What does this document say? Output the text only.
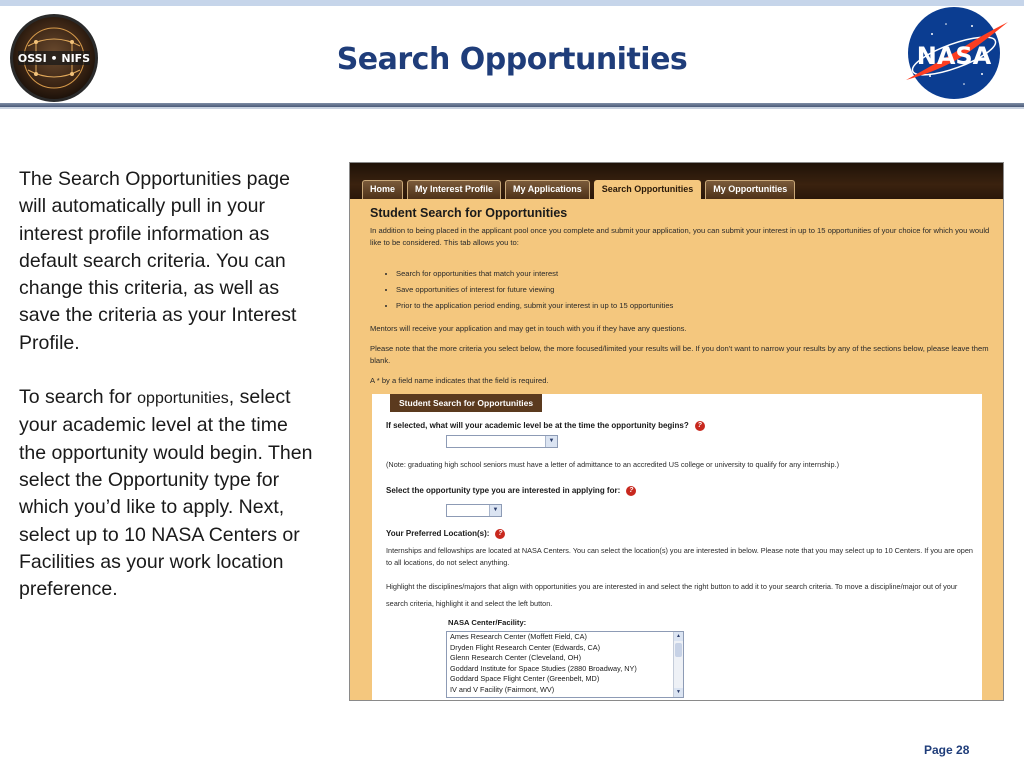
OSSI • NIFS	Search Opportunities	NASA

The Search Opportunities page will automatically pull in your interest profile information as default search criteria. You can change this criteria, as well as save the criteria as your Interest Profile.

To search for opportunities, select your academic level at the time the opportunity would begin. Then select the Opportunity type for which you’d like to apply. Next, select up to 10 NASA Centers or Facilities as your work location preference.

Home	My Interest Profile	My Applications	Search Opportunities	My Opportunities
Student Search for Opportunities
In addition to being placed in the applicant pool once you complete and submit your application, you can submit your interest in up to 15 opportunities of your choice for which you would like to be considered. This tab allows you to:
• Search for opportunities that match your interest
• Save opportunities of interest for future viewing
• Prior to the application period ending, submit your interest in up to 15 opportunities
Mentors will receive your application and may get in touch with you if they have any questions.
Please note that the more criteria you select below, the more focused/limited your results will be. If you don't want to narrow your results by any of the sections below, please leave them blank.
A * by a field name indicates that the field is required.
Student Search for Opportunities
If selected, what will your academic level be at the time the opportunity begins? ?
▼
(Note: graduating high school seniors must have a letter of admittance to an accredited US college or university to qualify for any internship.)
Select the opportunity type you are interested in applying for: ?
▼
Your Preferred Location(s): ?
Internships and fellowships are located at NASA Centers. You can select the location(s) you are interested in below. Please note that you may select up to 10 Centers. If you are open to all locations, do not select anything.
Highlight the disciplines/majors that align with opportunities you are interested in and select the right button to add it to your search criteria. To move a discipline/major out of your search criteria, highlight it and select the left button.
NASA Center/Facility:
Ames Research Center (Moffett Field, CA)
Dryden Flight Research Center (Edwards, CA)
Glenn Research Center (Cleveland, OH)
Goddard Institute for Space Studies (2880 Broadway, NY)
Goddard Space Flight Center (Greenbelt, MD)
IV and V Facility (Fairmont, WV)
▲
▼
Page 28
